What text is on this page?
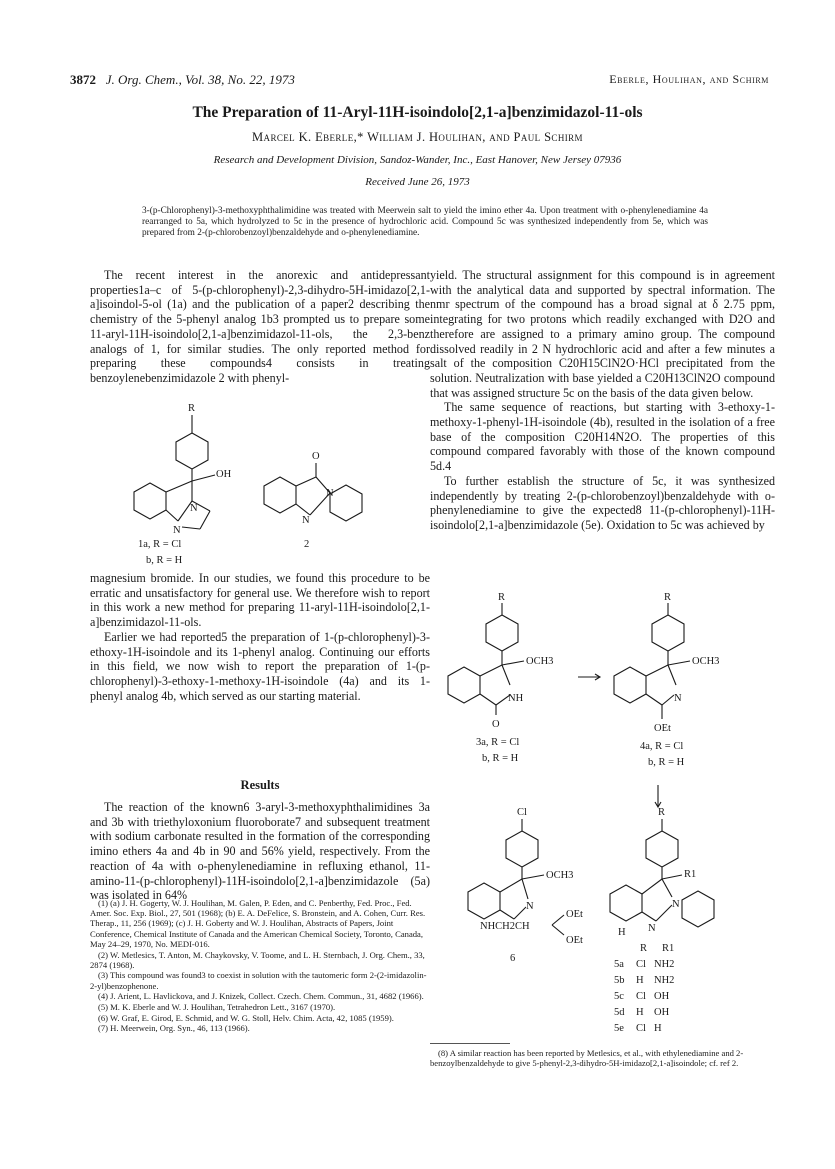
3872 J. Org. Chem., Vol. 38, No. 22, 1973	Eberle, Houlihan, and Schirm
The Preparation of 11-Aryl-11H-isoindolo[2,1-a]benzimidazol-11-ols
Marcel K. Eberle,* William J. Houlihan, and Paul Schirm
Research and Development Division, Sandoz-Wander, Inc., East Hanover, New Jersey 07936
Received June 26, 1973
3-(p-Chlorophenyl)-3-methoxyphthalimidine was treated with Meerwein salt to yield the imino ether 4a. Upon treatment with o-phenylenediamine 4a rearranged to 5a, which hydrolyzed to 5c in the presence of hydrochloric acid. Compound 5c was synthesized independently from 5e, which was prepared from 2-(p-chlorobenzoyl)benzaldehyde and o-phenylenediamine.

The recent interest in the anorexic and antidepressant properties1a–c of 5-(p-chlorophenyl)-2,3-dihydro-5H-imidazo[2,1-a]isoindol-5-ol (1a) and the publication of a paper2 describing the chemistry of the 5-phenyl analog 1b3 prompted us to prepare some 11-aryl-11H-isoindolo[2,1-a]benzimidazol-11-ols, the 2,3-benz analogs of 1, for similar studies. The only reported method for preparing these compounds4 consists in treating benzoylenebenzimidazole 2 with phenyl-

R
OH
N
N
1a, R = Cl
b, R = H
O
N
N
2

magnesium bromide. In our studies, we found this procedure to be erratic and unsatisfactory for general use. We therefore wish to report in this work a new method for preparing 11-aryl-11H-isoindolo[2,1-a]benzimidazol-11-ols.

Earlier we had reported5 the preparation of 1-(p-chlorophenyl)-3-ethoxy-1H-isoindole and its 1-phenyl analog. Continuing our efforts in this field, we now wish to report the preparation of 1-(p-chlorophenyl)-3-ethoxy-1-methoxy-1H-isoindole (4a) and its 1-phenyl analog 4b, which served as our starting material.

Results

The reaction of the known6 3-aryl-3-methoxyphthalimidines 3a and 3b with triethyloxonium fluoroborate7 and subsequent treatment with sodium carbonate resulted in the formation of the corresponding imino ethers 4a and 4b in 90 and 56% yield, respectively. From the reaction of 4a with o-phenylenediamine in refluxing ethanol, 11-amino-11-(p-chlorophenyl)-11H-isoindolo[2,1-a]benzimidazole (5a) was isolated in 64%

(1) (a) J. H. Gogerty, W. J. Houlihan, M. Galen, P. Eden, and C. Penberthy, Fed. Proc., Fed. Amer. Soc. Exp. Biol., 27, 501 (1968); (b) E. A. DeFelice, S. Bronstein, and A. Cohen, Curr. Res. Therap., 11, 256 (1969); (c) J. H. Goberty and W. J. Houlihan, Abstracts of Papers, Joint Conference, Chemical Institute of Canada and the American Chemical Society, Toronto, Canada, May 24–29, 1970, No. MEDI-016.

(2) W. Metlesics, T. Anton, M. Chaykovsky, V. Toome, and L. H. Sternbach, J. Org. Chem., 33, 2874 (1968).

(3) This compound was found3 to coexist in solution with the tautomeric form 2-(2-imidazolin-2-yl)benzophenone.

(4) J. Arient, L. Havlickova, and J. Knizek, Collect. Czech. Chem. Commun., 31, 4682 (1966).

(5) M. K. Eberle and W. J. Houlihan, Tetrahedron Lett., 3167 (1970).

(6) W. Graf, E. Girod, E. Schmid, and W. G. Stoll, Helv. Chim. Acta, 42, 1085 (1959).

(7) H. Meerwein, Org. Syn., 46, 113 (1966).

yield. The structural assignment for this compound is in agreement with the analytical data and supported by spectral information. The nmr spectrum of the compound has a broad signal at δ 2.75 ppm, integrating for two protons which readily exchanged with D2O and therefore are assigned to a primary amino group. The compound dissolved readily in 2 N hydrochloric acid and after a few minutes a salt of the composition C20H15ClN2O·HCl precipitated from the solution. Neutralization with base yielded a C20H13ClN2O compound that was assigned structure 5c on the basis of the data given below.

The same sequence of reactions, but starting with 3-ethoxy-1-methoxy-1-phenyl-1H-isoindole (4b), resulted in the isolation of a free base of the composition C20H14N2O. The properties of this compound compared favorably with those of the known compound 5d.4

To further establish the structure of 5c, it was synthesized independently by treating 2-(p-chlorobenzoyl)benzaldehyde with o-phenylenediamine to give the expected8 11-(p-chlorophenyl)-11H-isoindolo[2,1-a]benzimidazole (5e). Oxidation to 5c was achieved by

R
OCH3
NH
O
3a, R = Cl
b, R = H
R
OCH3
N
OEt
4a, R = Cl
b, R = H
Cl
OCH3
N
NHCH2CH
OEt
OEt
6
R
R1
N
H N
R R1
5a Cl NH2
5b H NH2
5c Cl OH
5d H OH
5e Cl H

(8) A similar reaction has been reported by Metlesics, et al., with ethylenediamine and 2-benzoylbenzaldehyde to give 5-phenyl-2,3-dihydro-5H-imidazo[2,1-a]isoindole; cf. ref 2.
